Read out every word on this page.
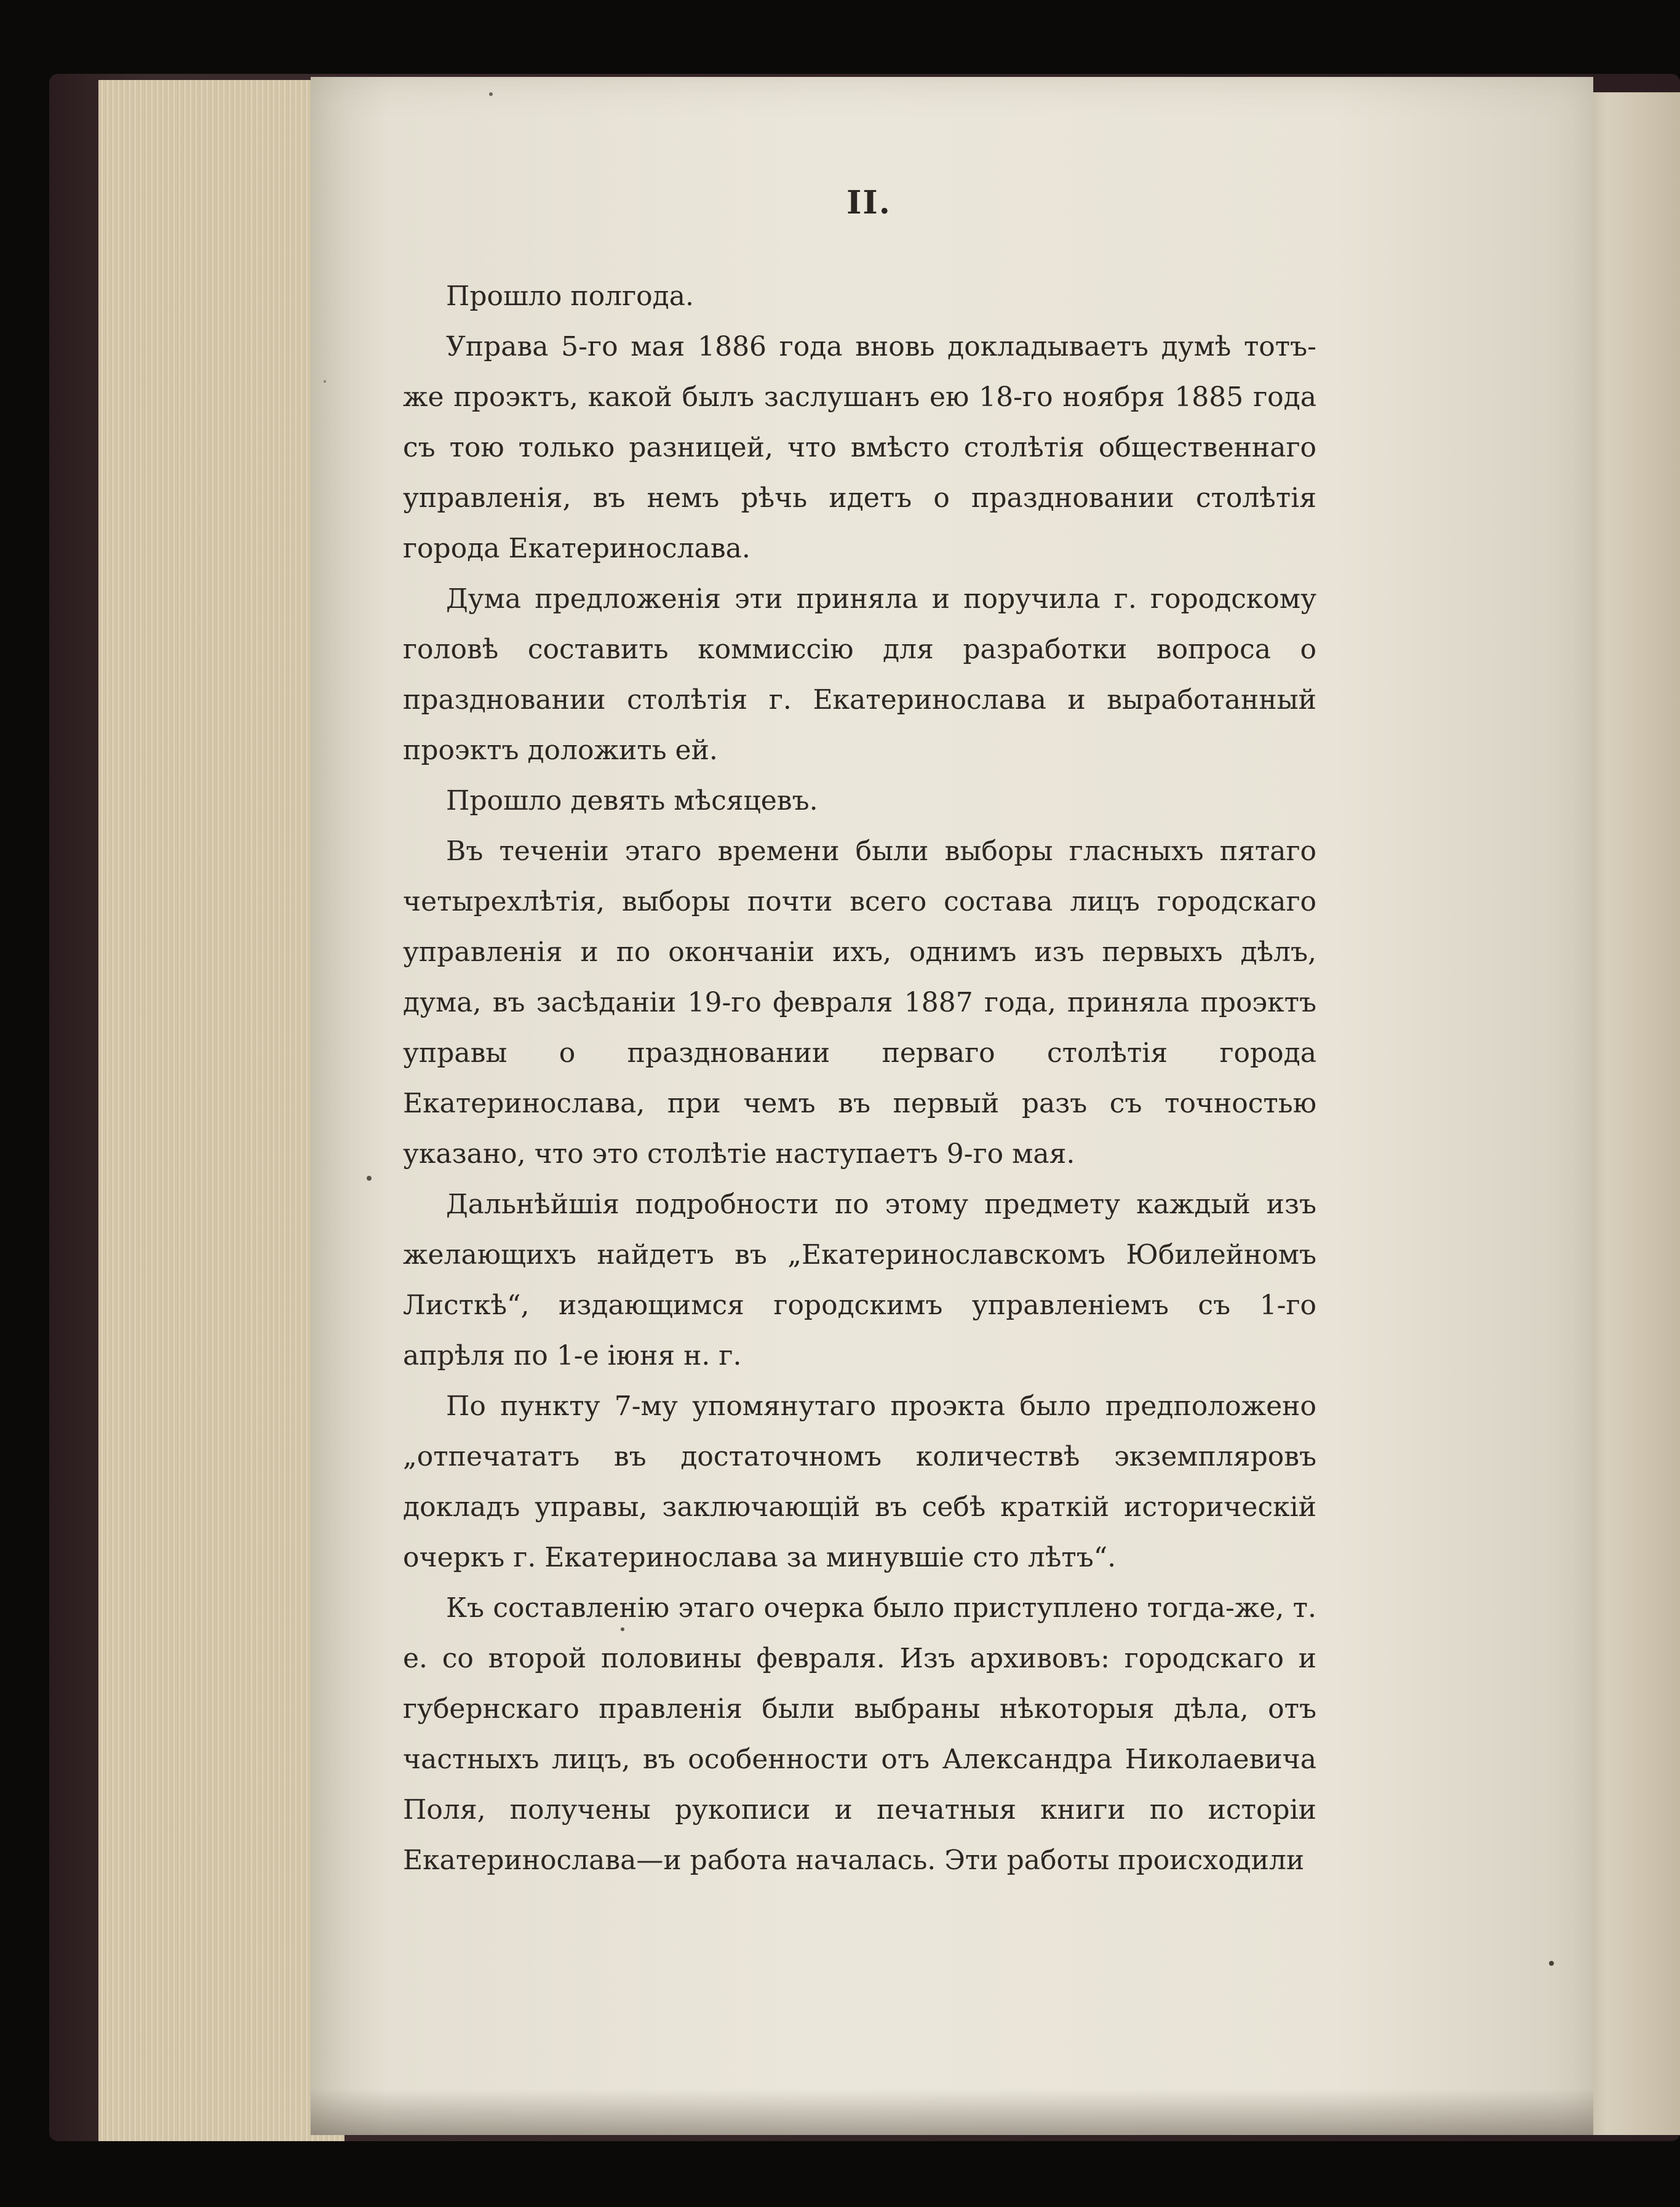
II.

Прошло полгода.

Управа 5-го мая 1886 года вновь докладываетъ думѣ тотъ-же проэктъ, какой былъ заслушанъ ею 18-го ноября 1885 года съ тою только разницей, что вмѣсто столѣтія общественнаго управленія, въ немъ рѣчь идетъ о праздновании столѣтія города Екатеринослава.

Дума предложенія эти приняла и поручила г. городскому головѣ составить коммиссію для разработки вопроса о праздновании столѣтія г. Екатеринослава и выработанный проэктъ доложить ей.

Прошло девять мѣсяцевъ.

Въ теченіи этаго времени были выборы гласныхъ пятаго четырехлѣтія, выборы почти всего состава лицъ городскаго управленія и по окончаніи ихъ, однимъ изъ первыхъ дѣлъ, дума, въ засѣданіи 19-го февраля 1887 года, приняла проэктъ управы о праздновании перваго столѣтія города Екатеринослава, при чемъ въ первый разъ съ точностью указано, что это столѣтіе наступаетъ 9-го мая.

Дальнѣйшія подробности по этому предмету каждый изъ желающихъ найдетъ въ „Екатеринославскомъ Юбилейномъ Листкѣ“, издающимся городскимъ управленіемъ съ 1-го апрѣля по 1-е іюня н. г.

По пункту 7-му упомянутаго проэкта было предположено „отпечататъ въ достаточномъ количествѣ экземпляровъ докладъ управы, заключающій въ себѣ краткій историческій очеркъ г. Екатеринослава за минувшіе сто лѣтъ“.

Къ составленію этаго очерка было приступлено тогда-же, т. е. со второй половины февраля. Изъ архивовъ: городскаго и губернскаго правленія были выбраны нѣкоторыя дѣла, отъ частныхъ лицъ, въ особенности отъ Александра Николаевича Поля, получены рукописи и печатныя книги по исторіи Екатеринослава—и работа началась. Эти работы происходили
